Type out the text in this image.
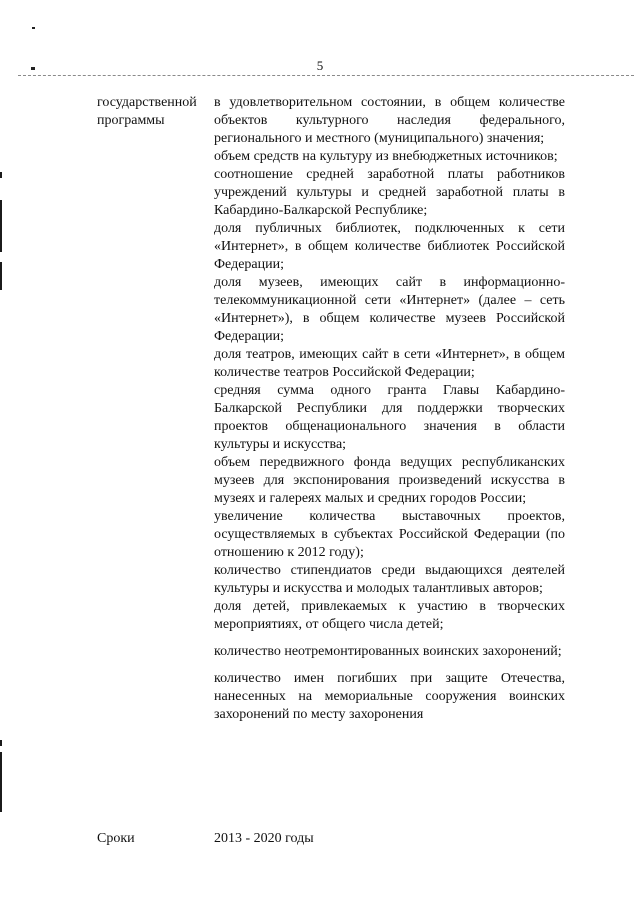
5
государственной
программы

в удовлетворительном состоянии, в общем количестве объектов культурного наследия федерального, регионального и местного (муниципального) значения;

объем средств на культуру из внебюджетных источников;

соотношение средней заработной платы работников учреждений культуры и средней заработной платы в Кабардино-Балкарской Республике;

доля публичных библиотек, подключенных к сети «Интернет», в общем количестве библиотек Российской Федерации;

доля музеев, имеющих сайт в информационно-телекоммуникационной сети «Интернет» (далее – сеть «Интернет»), в общем количестве музеев Российской Федерации;

доля театров, имеющих сайт в сети «Интернет», в общем количестве театров Российской Федерации;

средняя сумма одного гранта Главы Кабардино-Балкарской Республики для поддержки творческих проектов общенационального значения в области культуры и искусства;

объем передвижного фонда ведущих республиканских музеев для экспонирования произведений искусства в музеях и галереях малых и средних городов России;

увеличение количества выставочных проектов, осуществляемых в субъектах Российской Федерации (по отношению к 2012 году);

количество стипендиатов среди выдающихся деятелей культуры и искусства и молодых талантливых авторов;

доля детей, привлекаемых к участию в творческих мероприятиях, от общего числа детей;

количество неотремонтированных воинских захоронений;

количество имен погибших при защите Отечества, нанесенных на мемориальные сооружения воинских захоронений по месту захоронения

Сроки	2013 - 2020 годы
